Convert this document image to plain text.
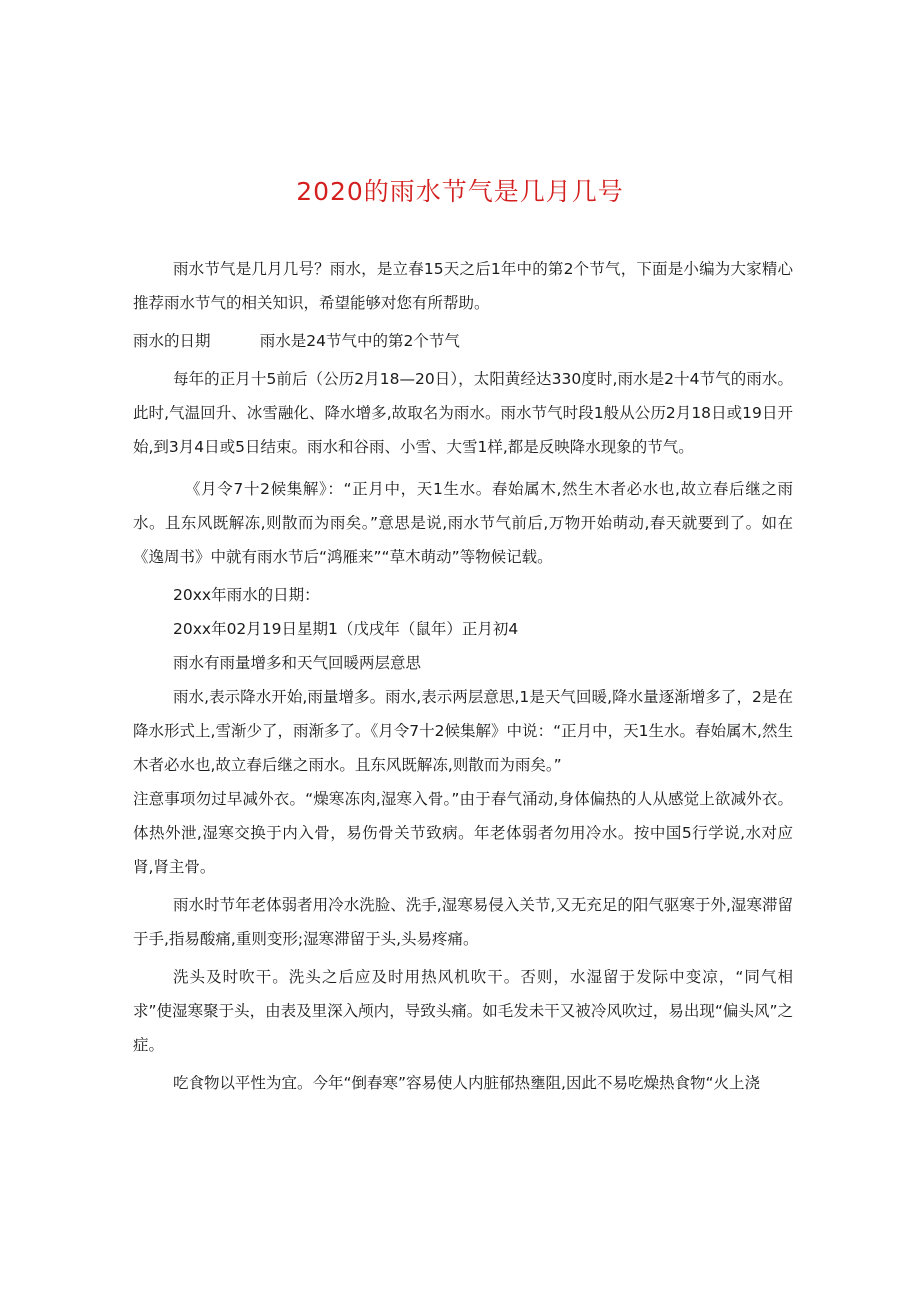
2020的雨水节气是几月几号

雨水节气是几月几号？雨水，是立春15天之后1年中的第2个节气，下面是小编为大家精心推荐雨水节气的相关知识，希望能够对您有所帮助。

雨水的日期          雨水是24节气中的第2个节气

每年的正月十5前后（公历2月18—20日），太阳黄经达330度时,雨水是2十4节气的雨水。此时,气温回升、冰雪融化、降水增多,故取名为雨水。雨水节气时段1般从公历2月18日或19日开始,到3月4日或5日结束。雨水和谷雨、小雪、大雪1样,都是反映降水现象的节气。

《月令7十2候集解》：“正月中，天1生水。春始属木,然生木者必水也,故立春后继之雨水。且东风既解冻,则散而为雨矣。”意思是说,雨水节气前后,万物开始萌动,春天就要到了。如在《逸周书》中就有雨水节后“鸿雁来”“草木萌动”等物候记载。

20xx年雨水的日期：

20xx年02月19日星期1（戊戌年（鼠年）正月初4

雨水有雨量增多和天气回暖两层意思

雨水,表示降水开始,雨量增多。雨水,表示两层意思,1是天气回暖,降水量逐渐增多了，2是在降水形式上,雪渐少了，雨渐多了。《月令7十2候集解》中说：“正月中，天1生水。春始属木,然生木者必水也,故立春后继之雨水。且东风既解冻,则散而为雨矣。”

注意事项勿过早减外衣。“燥寒冻肉,湿寒入骨。”由于春气涌动,身体偏热的人从感觉上欲减外衣。体热外泄,湿寒交换于内入骨，易伤骨关节致病。年老体弱者勿用冷水。按中国5行学说,水对应肾,肾主骨。

雨水时节年老体弱者用冷水洗脸、洗手,湿寒易侵入关节,又无充足的阳气驱寒于外,湿寒滞留于手,指易酸痛,重则变形;湿寒滞留于头,头易疼痛。

洗头及时吹干。洗头之后应及时用热风机吹干。否则，水湿留于发际中变凉，“同气相求”使湿寒聚于头，由表及里深入颅内，导致头痛。如毛发未干又被冷风吹过，易出现“偏头风”之症。

吃食物以平性为宜。今年“倒春寒”容易使人内脏郁热壅阻,因此不易吃燥热食物“火上浇
